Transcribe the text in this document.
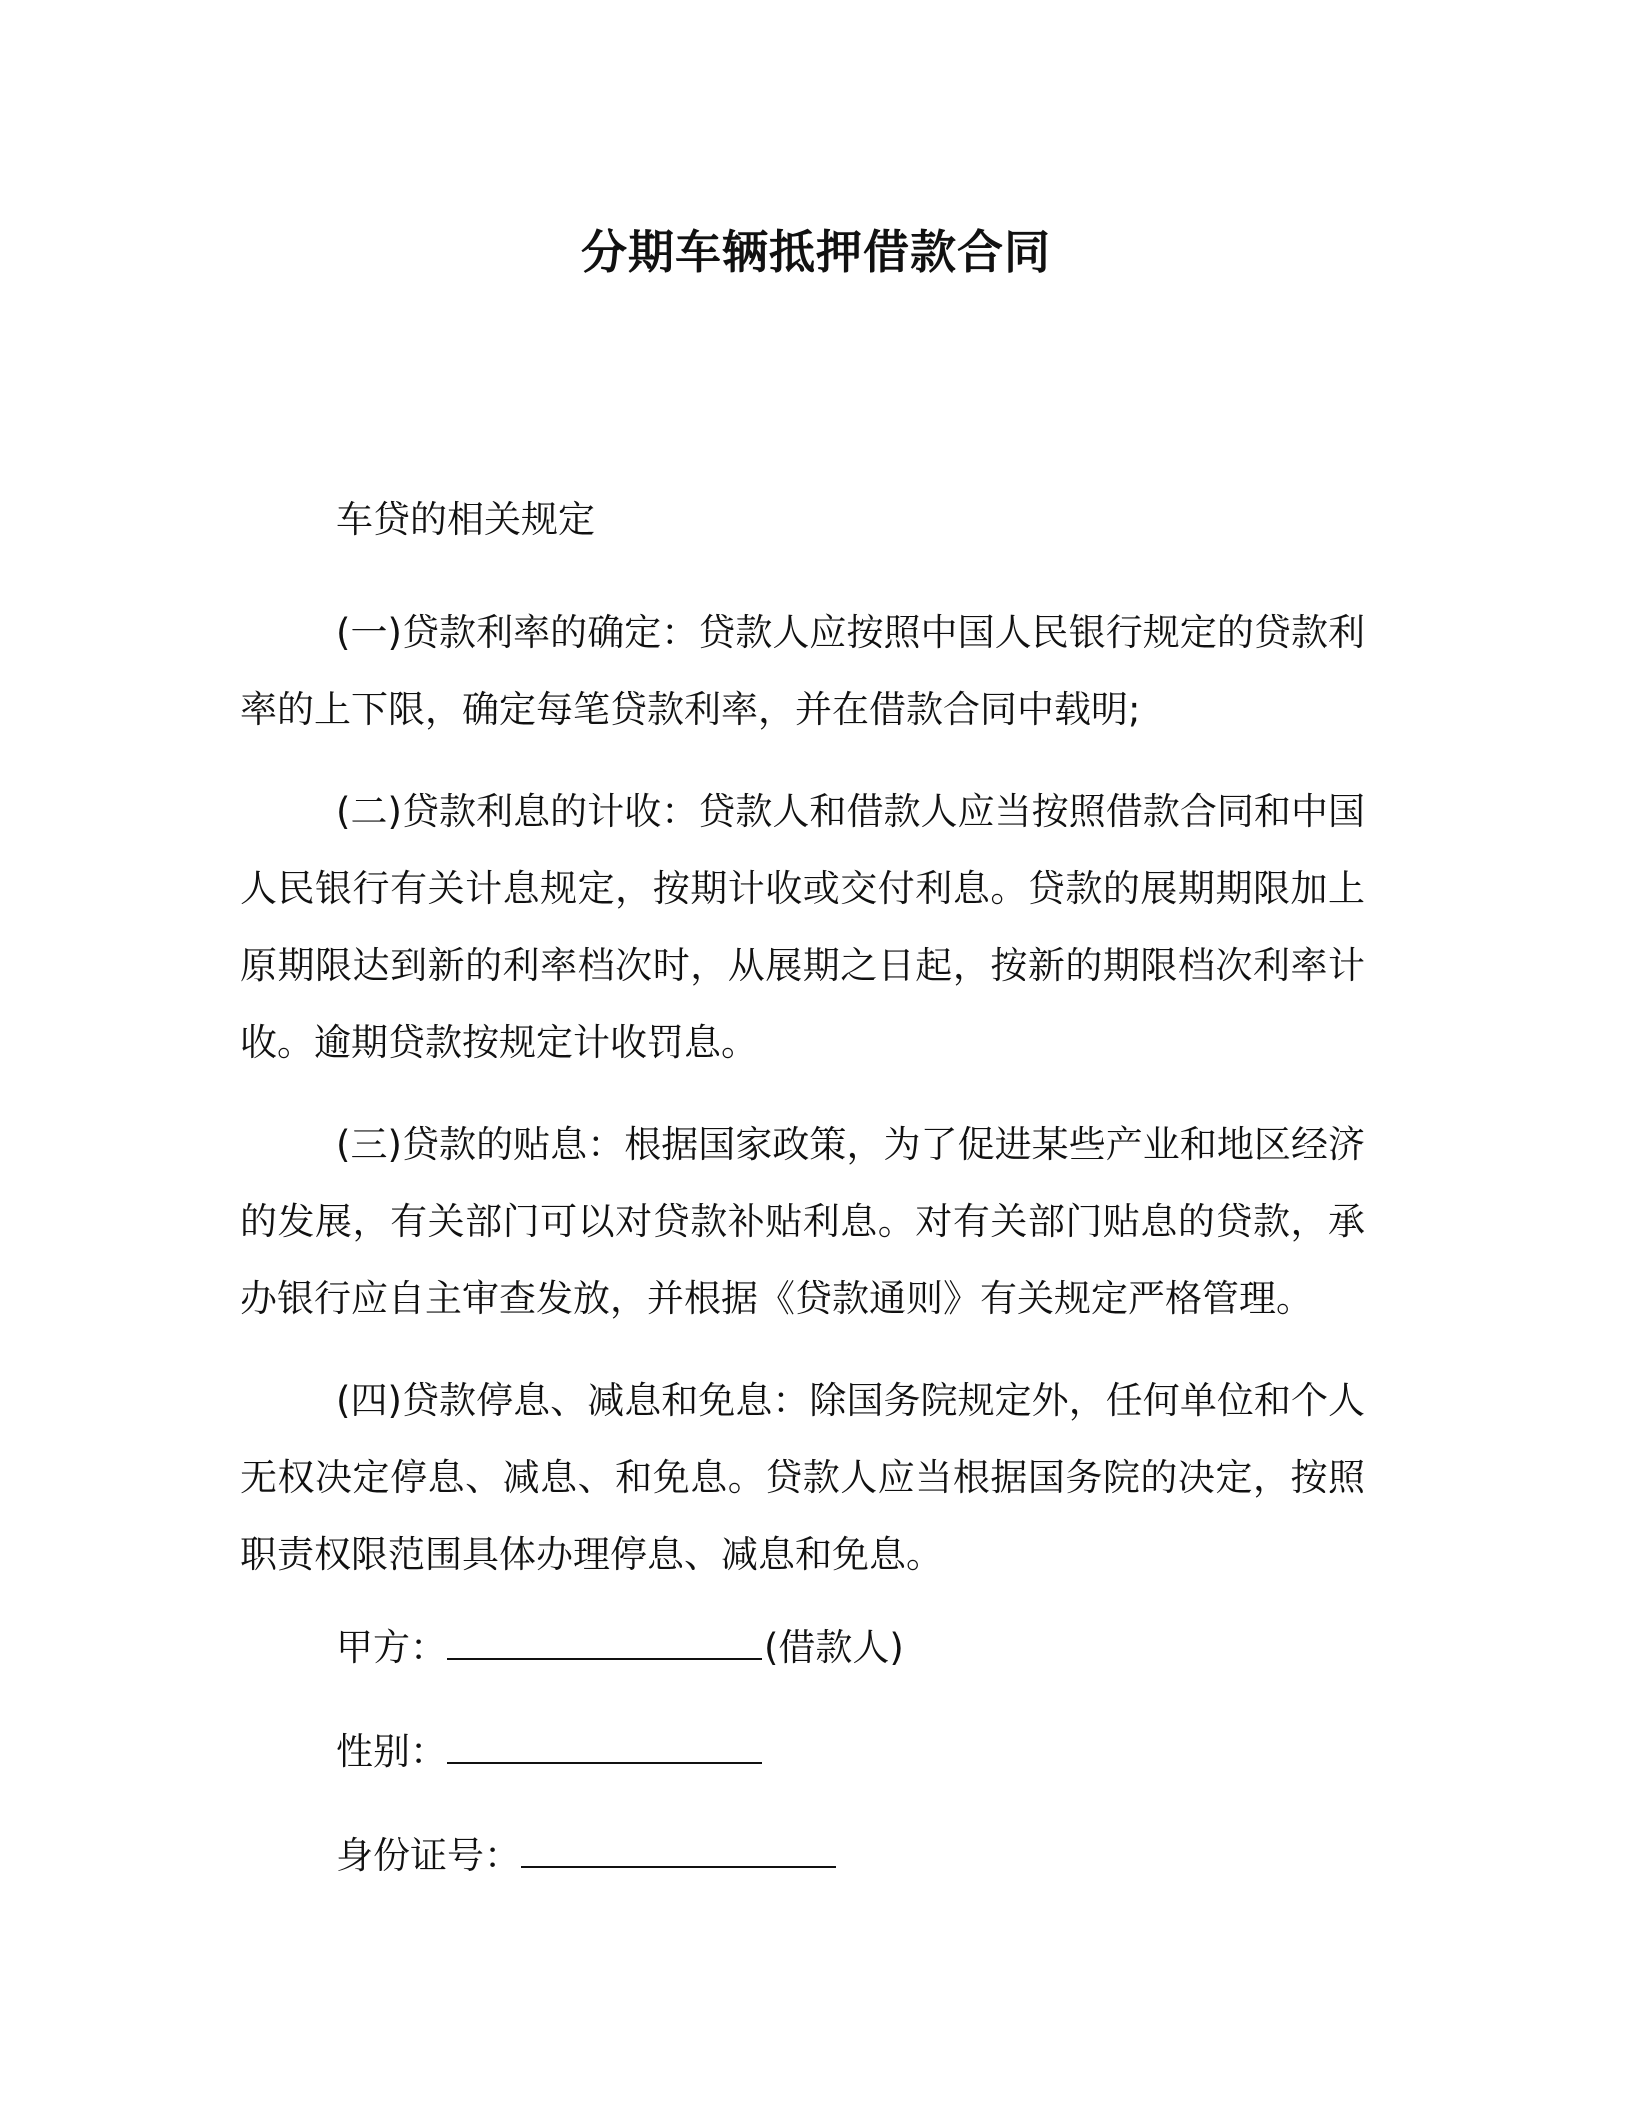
分期车辆抵押借款合同

车贷的相关规定

(一)贷款利率的确定：贷款人应按照中国人民银行规定的贷款利率的上下限，确定每笔贷款利率，并在借款合同中载明;

(二)贷款利息的计收：贷款人和借款人应当按照借款合同和中国人民银行有关计息规定，按期计收或交付利息。贷款的展期期限加上原期限达到新的利率档次时，从展期之日起，按新的期限档次利率计收。逾期贷款按规定计收罚息。

(三)贷款的贴息：根据国家政策，为了促进某些产业和地区经济的发展，有关部门可以对贷款补贴利息。对有关部门贴息的贷款，承办银行应自主审查发放，并根据《贷款通则》有关规定严格管理。

(四)贷款停息、减息和免息：除国务院规定外，任何单位和个人无权决定停息、减息、和免息。贷款人应当根据国务院的决定，按照职责权限范围具体办理停息、减息和免息。

甲方：	(借款人)
性别：
身份证号：
